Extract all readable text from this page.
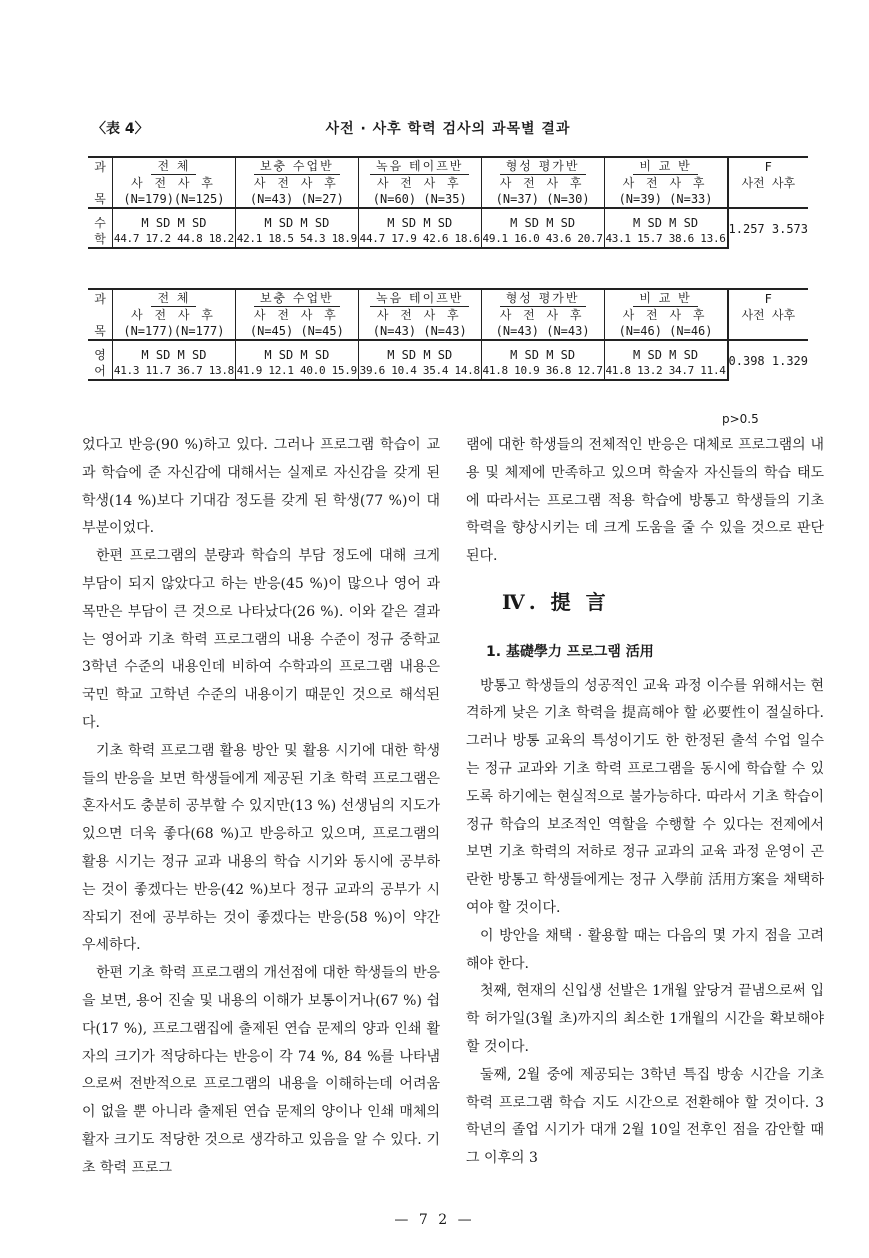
〈表 4〉	사전 · 사후 학력 검사의 과목별 결과
과	전 체	보충 수업반	녹음 테이프반	형성 평가반	비 교 반	F
	사 전 사 후	사 전 사 후	사 전 사 후	사 전 사 후	사 전 사 후	사전 사후
목	(N=179)(N=125)	(N=43) (N=27)	(N=60) (N=35)	(N=37) (N=30)	(N=39) (N=33)	
수	M SD M SD	M SD M SD	M SD M SD	M SD M SD	M SD M SD	1.257 3.573
학	44.7 17.2 44.8 18.2	42.1 18.5 54.3 18.9	44.7 17.9 42.6 18.6	49.1 16.0 43.6 20.7	43.1 15.7 38.6 13.6	
과	전 체	보충 수업반	녹음 테이프반	형성 평가반	비 교 반	F
	사 전 사 후	사 전 사 후	사 전 사 후	사 전 사 후	사 전 사 후	사전 사후
목	(N=177)(N=177)	(N=45) (N=45)	(N=43) (N=43)	(N=43) (N=43)	(N=46) (N=46)	
영	M SD M SD	M SD M SD	M SD M SD	M SD M SD	M SD M SD	0.398 1.329
어	41.3 11.7 36.7 13.8	41.9 12.1 40.0 15.9	39.6 10.4 35.4 14.8	41.8 10.9 36.8 12.7	41.8 13.2 34.7 11.4	
p>0.5

었다고 반응(90 %)하고 있다. 그러나 프로그램 학습이 교과 학습에 준 자신감에 대해서는 실제로 자신감을 갖게 된 학생(14 %)보다 기대감 정도를 갖게 된 학생(77 %)이 대부분이었다.

한편 프로그램의 분량과 학습의 부담 정도에 대해 크게 부담이 되지 않았다고 하는 반응(45 %)이 많으나 영어 과목만은 부담이 큰 것으로 나타났다(26 %). 이와 같은 결과는 영어과 기초 학력 프로그램의 내용 수준이 정규 중학교 3학년 수준의 내용인데 비하여 수학과의 프로그램 내용은 국민 학교 고학년 수준의 내용이기 때문인 것으로 해석된다.

기초 학력 프로그램 활용 방안 및 활용 시기에 대한 학생들의 반응을 보면 학생들에게 제공된 기초 학력 프로그램은 혼자서도 충분히 공부할 수 있지만(13 %) 선생님의 지도가 있으면 더욱 좋다(68 %)고 반응하고 있으며, 프로그램의 활용 시기는 정규 교과 내용의 학습 시기와 동시에 공부하는 것이 좋겠다는 반응(42 %)보다 정규 교과의 공부가 시작되기 전에 공부하는 것이 좋겠다는 반응(58 %)이 약간 우세하다.

한편 기초 학력 프로그램의 개선점에 대한 학생들의 반응을 보면, 용어 진술 및 내용의 이해가 보통이거나(67 %) 쉽다(17 %), 프로그램집에 출제된 연습 문제의 양과 인쇄 활자의 크기가 적당하다는 반응이 각 74 %, 84 %를 나타냄으로써 전반적으로 프로그램의 내용을 이해하는데 어려움이 없을 뿐 아니라 출제된 연습 문제의 양이나 인쇄 매체의 활자 크기도 적당한 것으로 생각하고 있음을 알 수 있다. 기초 학력 프로그

램에 대한 학생들의 전체적인 반응은 대체로 프로그램의 내용 및 체제에 만족하고 있으며 학술자 자신들의 학습 태도에 따라서는 프로그램 적용 학습에 방통고 학생들의 기초 학력을 향상시키는 데 크게 도움을 줄 수 있을 것으로 판단된다.

Ⅳ. 提 言
1. 基礎學力 프로그램 活用

방통고 학생들의 성공적인 교육 과정 이수를 위해서는 현격하게 낮은 기초 학력을 提高해야 할 必要性이 절실하다. 그러나 방통 교육의 특성이기도 한 한정된 출석 수업 일수는 정규 교과와 기초 학력 프로그램을 동시에 학습할 수 있도록 하기에는 현실적으로 불가능하다. 따라서 기초 학습이 정규 학습의 보조적인 역할을 수행할 수 있다는 전제에서 보면 기초 학력의 저하로 정규 교과의 교육 과정 운영이 곤란한 방통고 학생들에게는 정규 入學前 活用方案을 채택하여야 할 것이다.

이 방안을 채택 · 활용할 때는 다음의 몇 가지 점을 고려해야 한다.

첫째, 현재의 신입생 선발은 1개월 앞당겨 끝냄으로써 입학 허가일(3월 초)까지의 최소한 1개월의 시간을 확보해야 할 것이다.

둘째, 2월 중에 제공되는 3학년 특집 방송 시간을 기초 학력 프로그램 학습 지도 시간으로 전환해야 할 것이다. 3학년의 졸업 시기가 대개 2월 10일 전후인 점을 감안할 때 그 이후의 3

— 7 2 —
